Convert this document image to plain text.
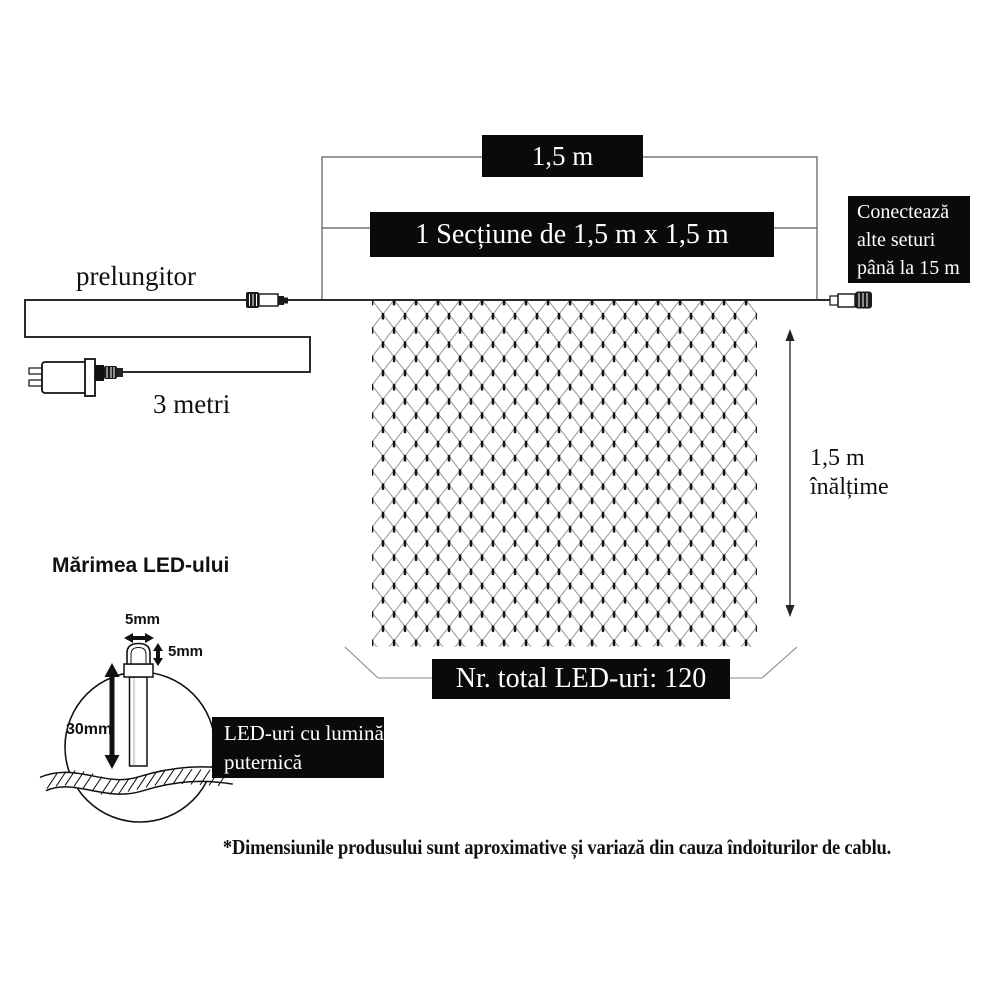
1,5 m
1 Secțiune de 1,5 m x 1,5 m
Conectează
alte seturi
până la 15 m
Nr. total LED-uri: 120
LED-uri cu lumină
puternică
prelungitor
3 metri
1,5 m
înălțime
Mărimea LED-ului
5mm
5mm
30mm
*Dimensiunile produsului sunt aproximative și variază din cauza îndoiturilor de cablu.
